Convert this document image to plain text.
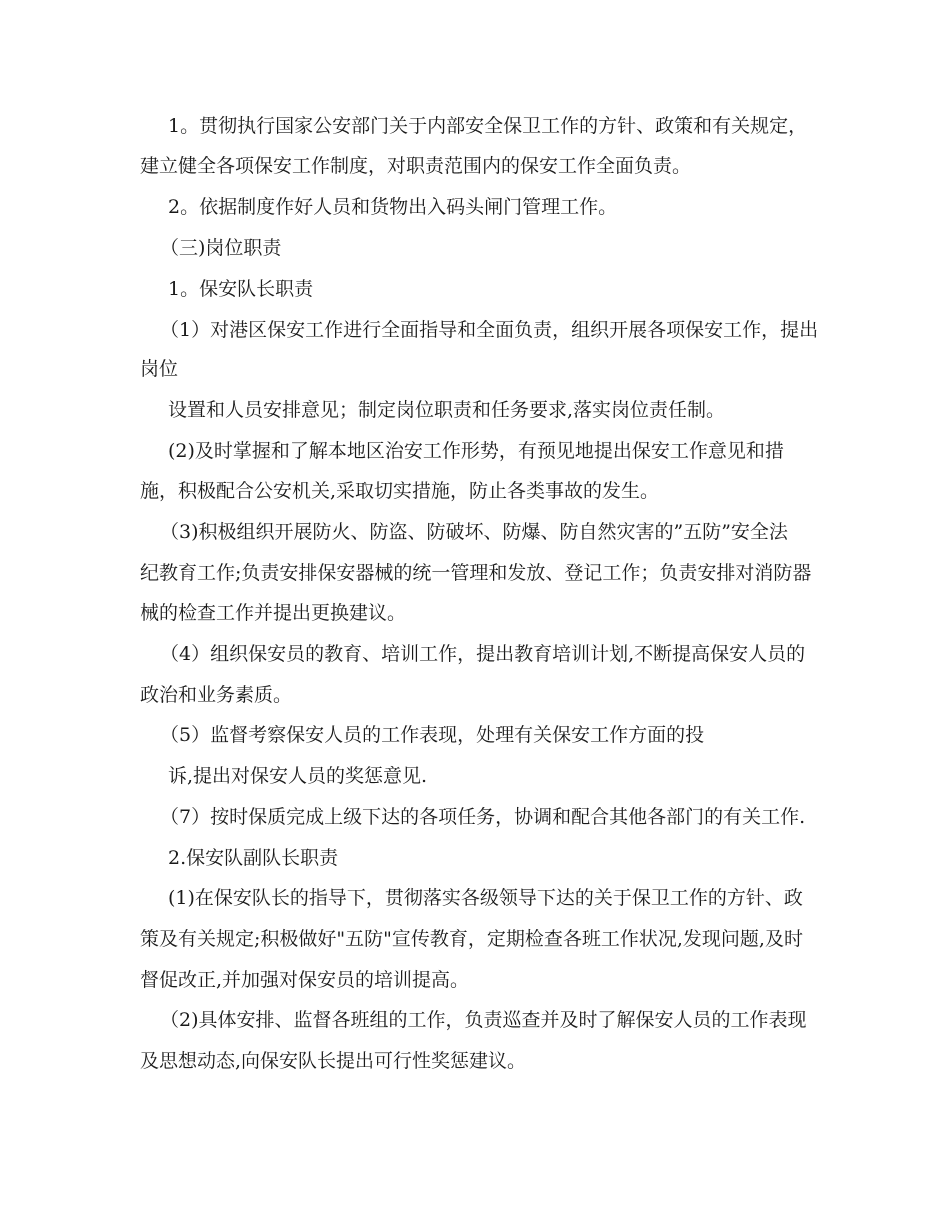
1。贯彻执行国家公安部门关于内部安全保卫工作的方针、政策和有关规定，

建立健全各项保安工作制度，对职责范围内的保安工作全面负责。

2。依据制度作好人员和货物出入码头闸门管理工作。

（三)岗位职责

1。保安队长职责

（1）对港区保安工作进行全面指导和全面负责，组织开展各项保安工作，提出

岗位

设置和人员安排意见；制定岗位职责和任务要求,落实岗位责任制。

(2)及时掌握和了解本地区治安工作形势，有预见地提出保安工作意见和措

施，积极配合公安机关,采取切实措施，防止各类事故的发生。

（3)积极组织开展防火、防盗、防破坏、防爆、防自然灾害的”五防”安全法

纪教育工作;负责安排保安器械的统一管理和发放、登记工作；负责安排对消防器

械的检查工作并提出更换建议。

（4）组织保安员的教育、培训工作，提出教育培训计划,不断提高保安人员的

政治和业务素质。

（5）监督考察保安人员的工作表现，处理有关保安工作方面的投

诉,提出对保安人员的奖惩意见.

（7）按时保质完成上级下达的各项任务，协调和配合其他各部门的有关工作.

2.保安队副队长职责

(1)在保安队长的指导下，贯彻落实各级领导下达的关于保卫工作的方针、政

策及有关规定;积极做好"五防"宣传教育，定期检查各班工作状况,发现问题,及时

督促改正,并加强对保安员的培训提高。

（2)具体安排、监督各班组的工作，负责巡查并及时了解保安人员的工作表现

及思想动态,向保安队长提出可行性奖惩建议。
